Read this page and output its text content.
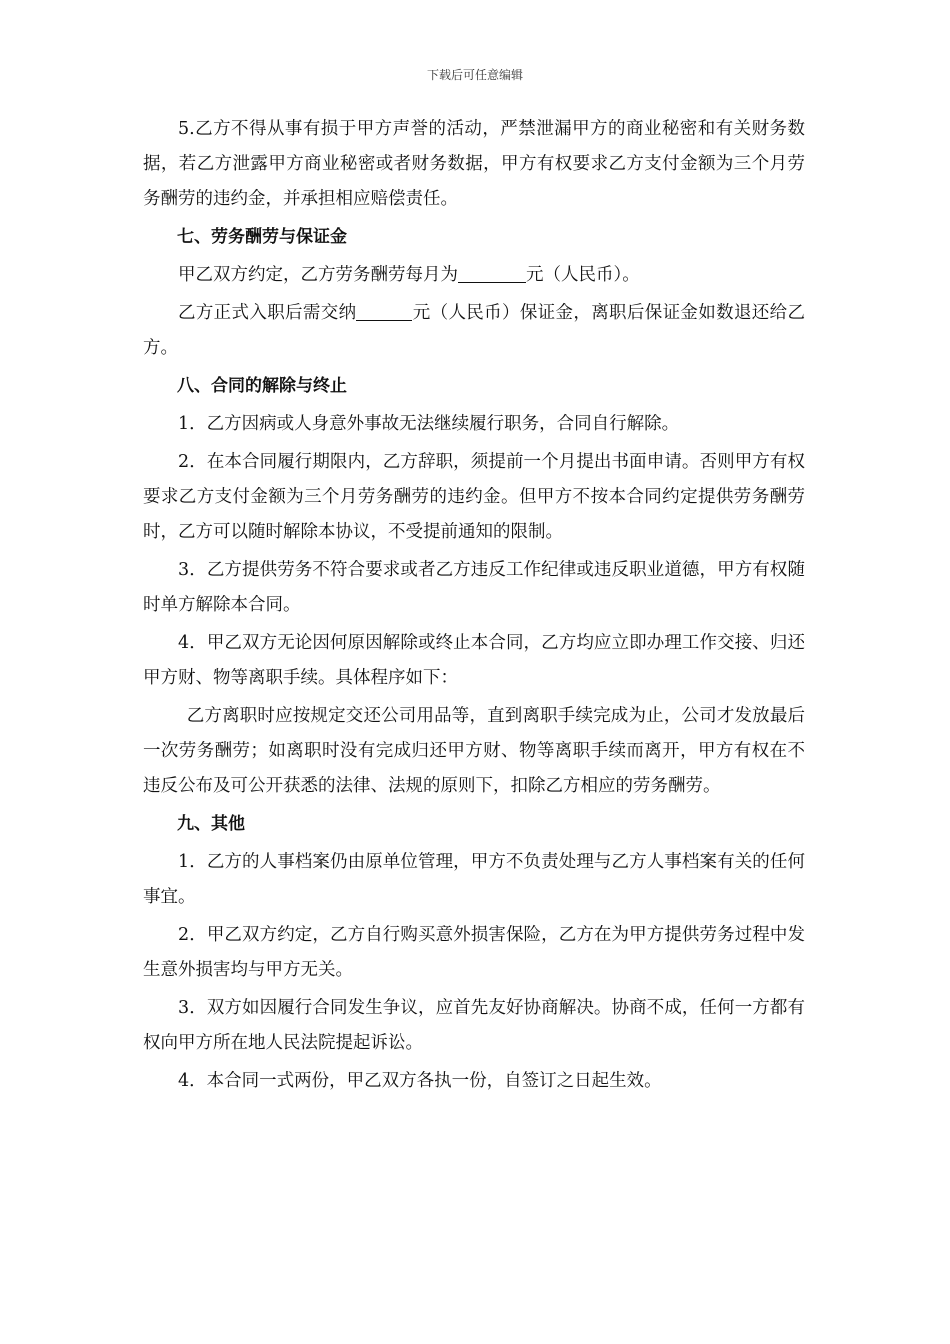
下载后可任意编辑

5.乙方不得从事有损于甲方声誉的活动，严禁泄漏甲方的商业秘密和有关财务数据，若乙方泄露甲方商业秘密或者财务数据，甲方有权要求乙方支付金额为三个月劳务酬劳的违约金，并承担相应赔偿责任。

七、劳务酬劳与保证金

甲乙双方约定，乙方劳务酬劳每月为	元（人民币）。

乙方正式入职后需交纳	元（人民币）保证金，离职后保证金如数退还给乙方。

八、合同的解除与终止

1．乙方因病或人身意外事故无法继续履行职务，合同自行解除。

2．在本合同履行期限内，乙方辞职，须提前一个月提出书面申请。否则甲方有权要求乙方支付金额为三个月劳务酬劳的违约金。但甲方不按本合同约定提供劳务酬劳时，乙方可以随时解除本协议，不受提前通知的限制。

3．乙方提供劳务不符合要求或者乙方违反工作纪律或违反职业道德，甲方有权随时单方解除本合同。

4．甲乙双方无论因何原因解除或终止本合同，乙方均应立即办理工作交接、归还甲方财、物等离职手续。具体程序如下：

乙方离职时应按规定交还公司用品等，直到离职手续完成为止，公司才发放最后一次劳务酬劳；如离职时没有完成归还甲方财、物等离职手续而离开，甲方有权在不违反公布及可公开获悉的法律、法规的原则下，扣除乙方相应的劳务酬劳。

九、其他

1．乙方的人事档案仍由原单位管理，甲方不负责处理与乙方人事档案有关的任何事宜。

2．甲乙双方约定，乙方自行购买意外损害保险，乙方在为甲方提供劳务过程中发生意外损害均与甲方无关。

3．双方如因履行合同发生争议，应首先友好协商解决。协商不成，任何一方都有权向甲方所在地人民法院提起诉讼。

4．本合同一式两份，甲乙双方各执一份，自签订之日起生效。
